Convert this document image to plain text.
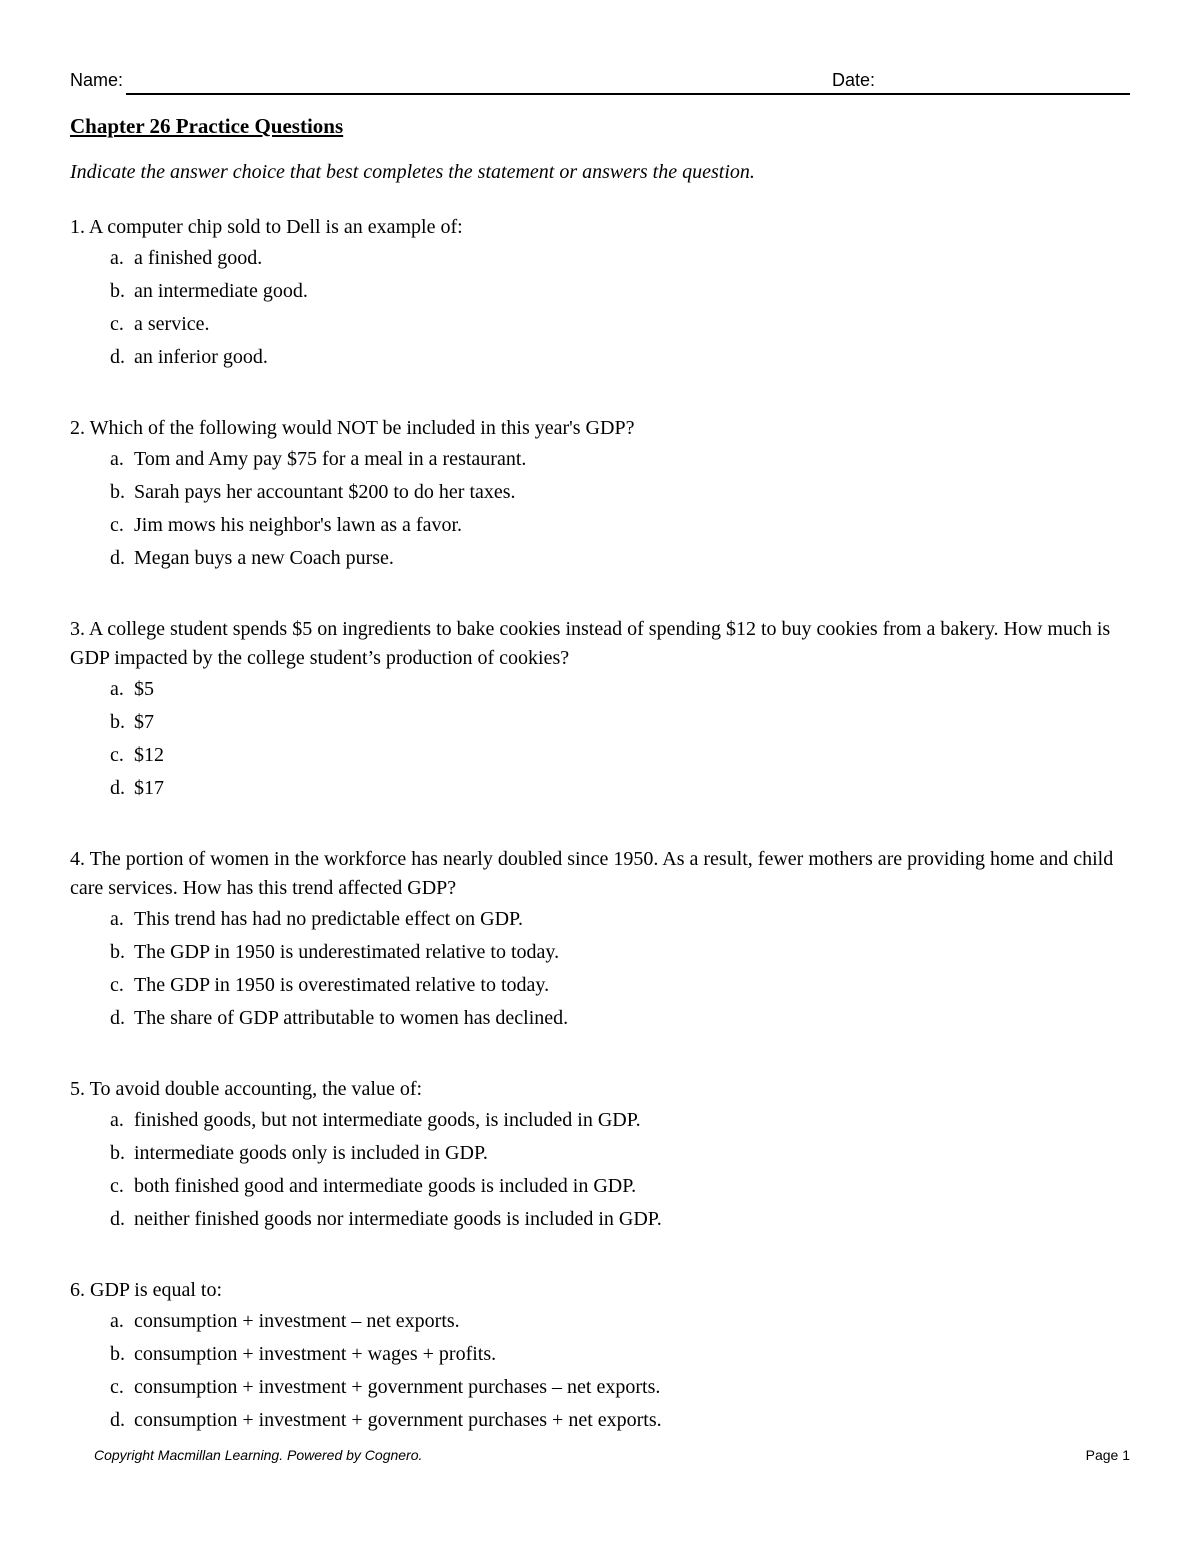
Name:	Date:
Chapter 26 Practice Questions
Indicate the answer choice that best completes the statement or answers the question.

1. A computer chip sold to Dell is an example of:

a. a finished good.
b. an intermediate good.
c. a service.
d. an inferior good.

2. Which of the following would NOT be included in this year's GDP?

a. Tom and Amy pay $75 for a meal in a restaurant.
b. Sarah pays her accountant $200 to do her taxes.
c. Jim mows his neighbor's lawn as a favor.
d. Megan buys a new Coach purse.

3. A college student spends $5 on ingredients to bake cookies instead of spending $12 to buy cookies from a bakery. How much is GDP impacted by the college student’s production of cookies?

a. $5
b. $7
c. $12
d. $17

4. The portion of women in the workforce has nearly doubled since 1950. As a result, fewer mothers are providing home and child care services. How has this trend affected GDP?

a. This trend has had no predictable effect on GDP.
b. The GDP in 1950 is underestimated relative to today.
c. The GDP in 1950 is overestimated relative to today.
d. The share of GDP attributable to women has declined.

5. To avoid double accounting, the value of:

a. finished goods, but not intermediate goods, is included in GDP.
b. intermediate goods only is included in GDP.
c. both finished good and intermediate goods is included in GDP.
d. neither finished goods nor intermediate goods is included in GDP.

6. GDP is equal to:

a. consumption + investment – net exports.
b. consumption + investment + wages + profits.
c. consumption + investment + government purchases – net exports.
d. consumption + investment + government purchases + net exports.
Copyright Macmillan Learning. Powered by Cognero.	Page 1
